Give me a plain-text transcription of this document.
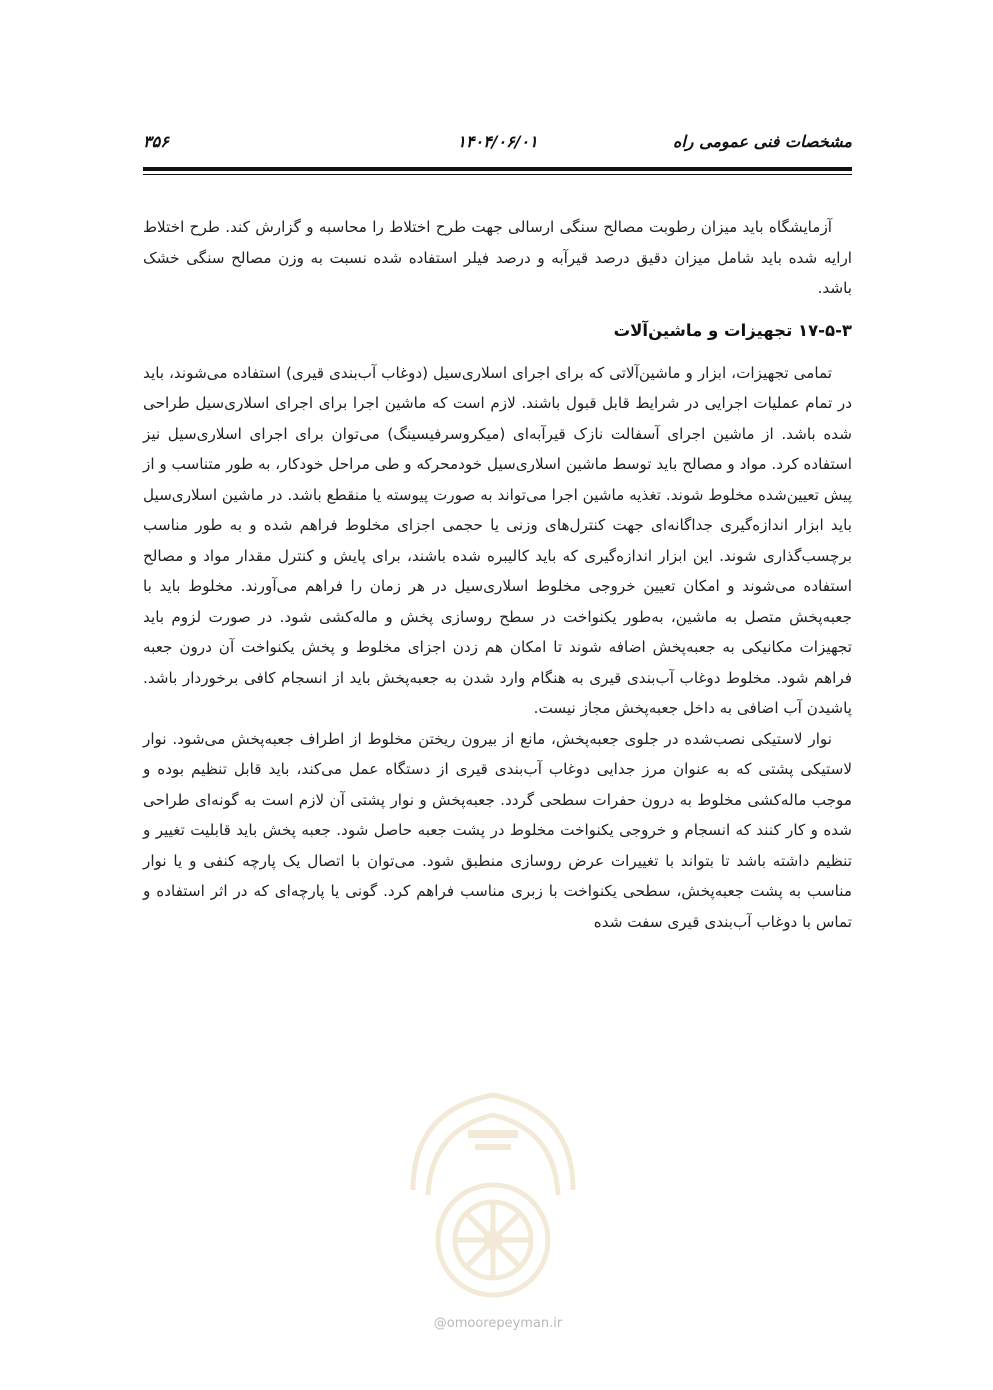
۳۵۶	۱۴۰۴/۰۶/۰۱	مشخصات فنی عمومی راه

آزمایشگاه باید میزان رطوبت مصالح سنگی ارسالی جهت طرح اختلاط را محاسبه و گزارش کند. طرح اختلاط ارایه شده باید شامل میزان دقیق درصد قیرآبه و درصد فیلر استفاده شده نسبت به وزن مصالح سنگی خشک باشد.

۱۷-۵-۳ تجهیزات و ماشین‌آلات

تمامی تجهیزات، ابزار و ماشین‌آلاتی که برای اجرای اسلاری‌سیل (دوغاب آب‌بندی قیری) استفاده می‌شوند، باید در تمام عملیات اجرایی در شرایط قابل قبول باشند. لازم است که ماشین اجرا برای اجرای اسلاری‌سیل طراحی شده باشد. از ماشین اجرای آسفالت نازک قیرآبه‌ای (میکروسرفیسینگ) می‌توان برای اجرای اسلاری‌سیل نیز استفاده کرد. مواد و مصالح باید توسط ماشین اسلاری‌سیل خودمحرکه و طی مراحل خودکار، به طور متناسب و از پیش تعیین‌شده مخلوط شوند. تغذیه ماشین اجرا می‌تواند به صورت پیوسته یا منقطع باشد. در ماشین اسلاری‌سیل باید ابزار اندازه‌گیری جداگانه‌ای جهت کنترل‌های وزنی یا حجمی اجزای مخلوط فراهم شده و به طور مناسب برچسب‌گذاری شوند. این ابزار اندازه‌گیری که باید کالیبره شده باشند، برای پایش و کنترل مقدار مواد و مصالح استفاده می‌شوند و امکان تعیین خروجی مخلوط اسلاری‌سیل در هر زمان را فراهم می‌آورند. مخلوط باید با جعبه‌پخش متصل به ماشین، به‌طور یکنواخت در سطح روسازی پخش و ماله‌کشی شود. در صورت لزوم باید تجهیزات مکانیکی به جعبه‌پخش اضافه شوند تا امکان هم زدن اجزای مخلوط و پخش یکنواخت آن درون جعبه فراهم شود. مخلوط دوغاب آب‌بندی قیری به هنگام وارد شدن به جعبه‌پخش باید از انسجام کافی برخوردار باشد. پاشیدن آب اضافی به داخل جعبه‌پخش مجاز نیست.

نوار لاستیکی نصب‌شده در جلوی جعبه‌پخش، مانع از بیرون ریختن مخلوط از اطراف جعبه‌پخش می‌شود. نوار لاستیکی پشتی که به عنوان مرز جدایی دوغاب آب‌بندی قیری از دستگاه عمل می‌کند، باید قابل تنظیم بوده و موجب ماله‌کشی مخلوط به درون حفرات سطحی گردد. جعبه‌پخش و نوار پشتی آن لازم است به گونه‌ای طراحی شده و کار کنند که انسجام و خروجی یکنواخت مخلوط در پشت جعبه حاصل شود. جعبه پخش باید قابلیت تغییر و تنظیم داشته باشد تا بتواند با تغییرات عرض روسازی منطبق شود. می‌توان با اتصال یک پارچه کنفی و یا نوار مناسب به پشت جعبه‌پخش، سطحی یکنواخت با زبری مناسب فراهم کرد. گونی یا پارچه‌ای که در اثر استفاده و تماس با دوغاب آب‌بندی قیری سفت شده

@omoorepeyman.ir
